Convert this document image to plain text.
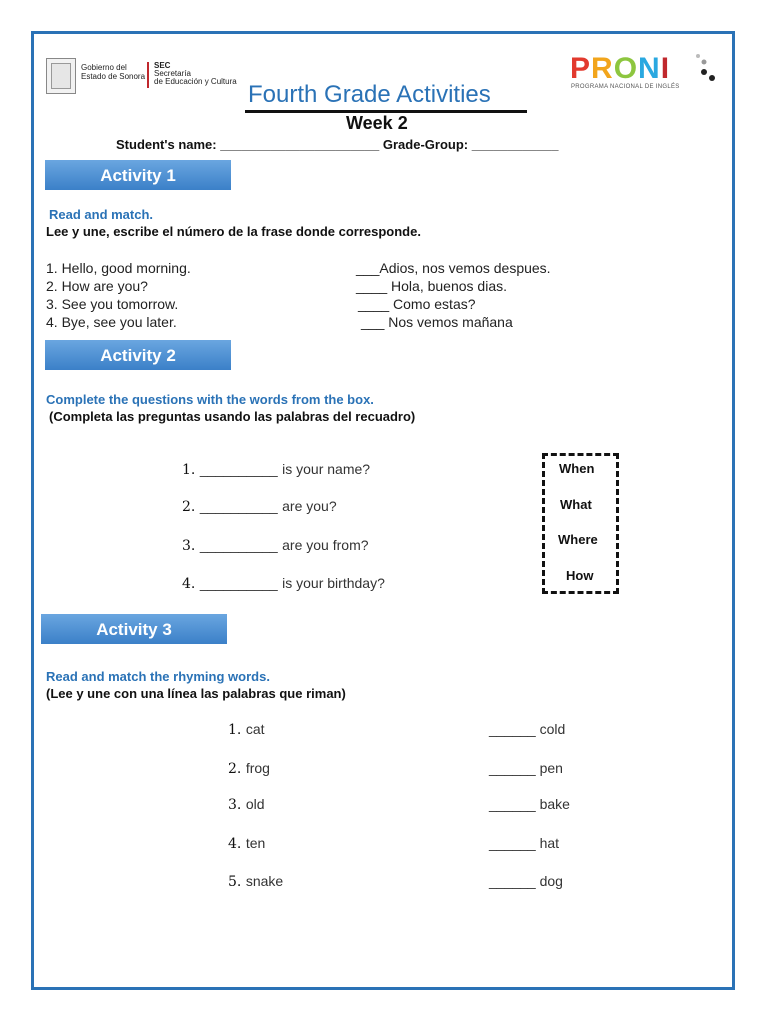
Gobierno del
Estado de Sonora
SEC
Secretaría
de Educación y Cultura Fourth Grade Activities
Week 2
PRONI
PROGRAMA NACIONAL DE INGLÉS
Student's name: ______________________ Grade-Group: ____________
Activity 1
Read and match.
Lee y une, escribe el número de la frase donde corresponde.
1. Hello, good morning.
2. How are you?
3. See you tomorrow.
4. Bye, see you later.
___Adios, nos vemos despues.
____ Hola, buenos dias.
____ Como estas?
___ Nos vemos mañana
Activity 2
Complete the questions with the words from the box.
(Completa las preguntas usando las palabras del recuadro)
1. __________ is your name?
2. __________ are you?
3. __________ are you from?
4. __________ is your birthday?
When
What
Where
How
Activity 3
Read and match the rhyming words.
(Lee y une con una línea las palabras que riman)
1. cat
2. frog
3. old
4. ten
5. snake
______ cold
______ pen
______ bake
______ hat
______ dog
